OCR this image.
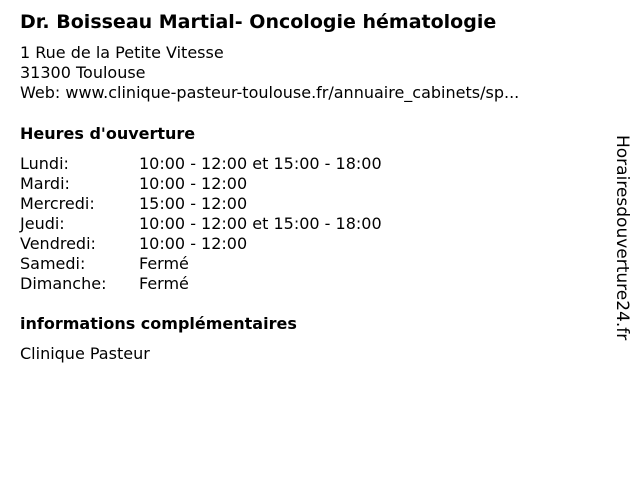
Dr. Boisseau Martial- Oncologie hématologie
1 Rue de la Petite Vitesse
31300 Toulouse
Web: www.clinique-pasteur-toulouse.fr/annuaire_cabinets/sp...
Heures d'ouverture
Lundi:	10:00 - 12:00 et 15:00 - 18:00
Mardi:	10:00 - 12:00
Mercredi:	15:00 - 12:00
Jeudi:	10:00 - 12:00 et 15:00 - 18:00
Vendredi:	10:00 - 12:00
Samedi:	Fermé
Dimanche:	Fermé
informations complémentaires
Clinique Pasteur
Horairesdouverture24.fr
